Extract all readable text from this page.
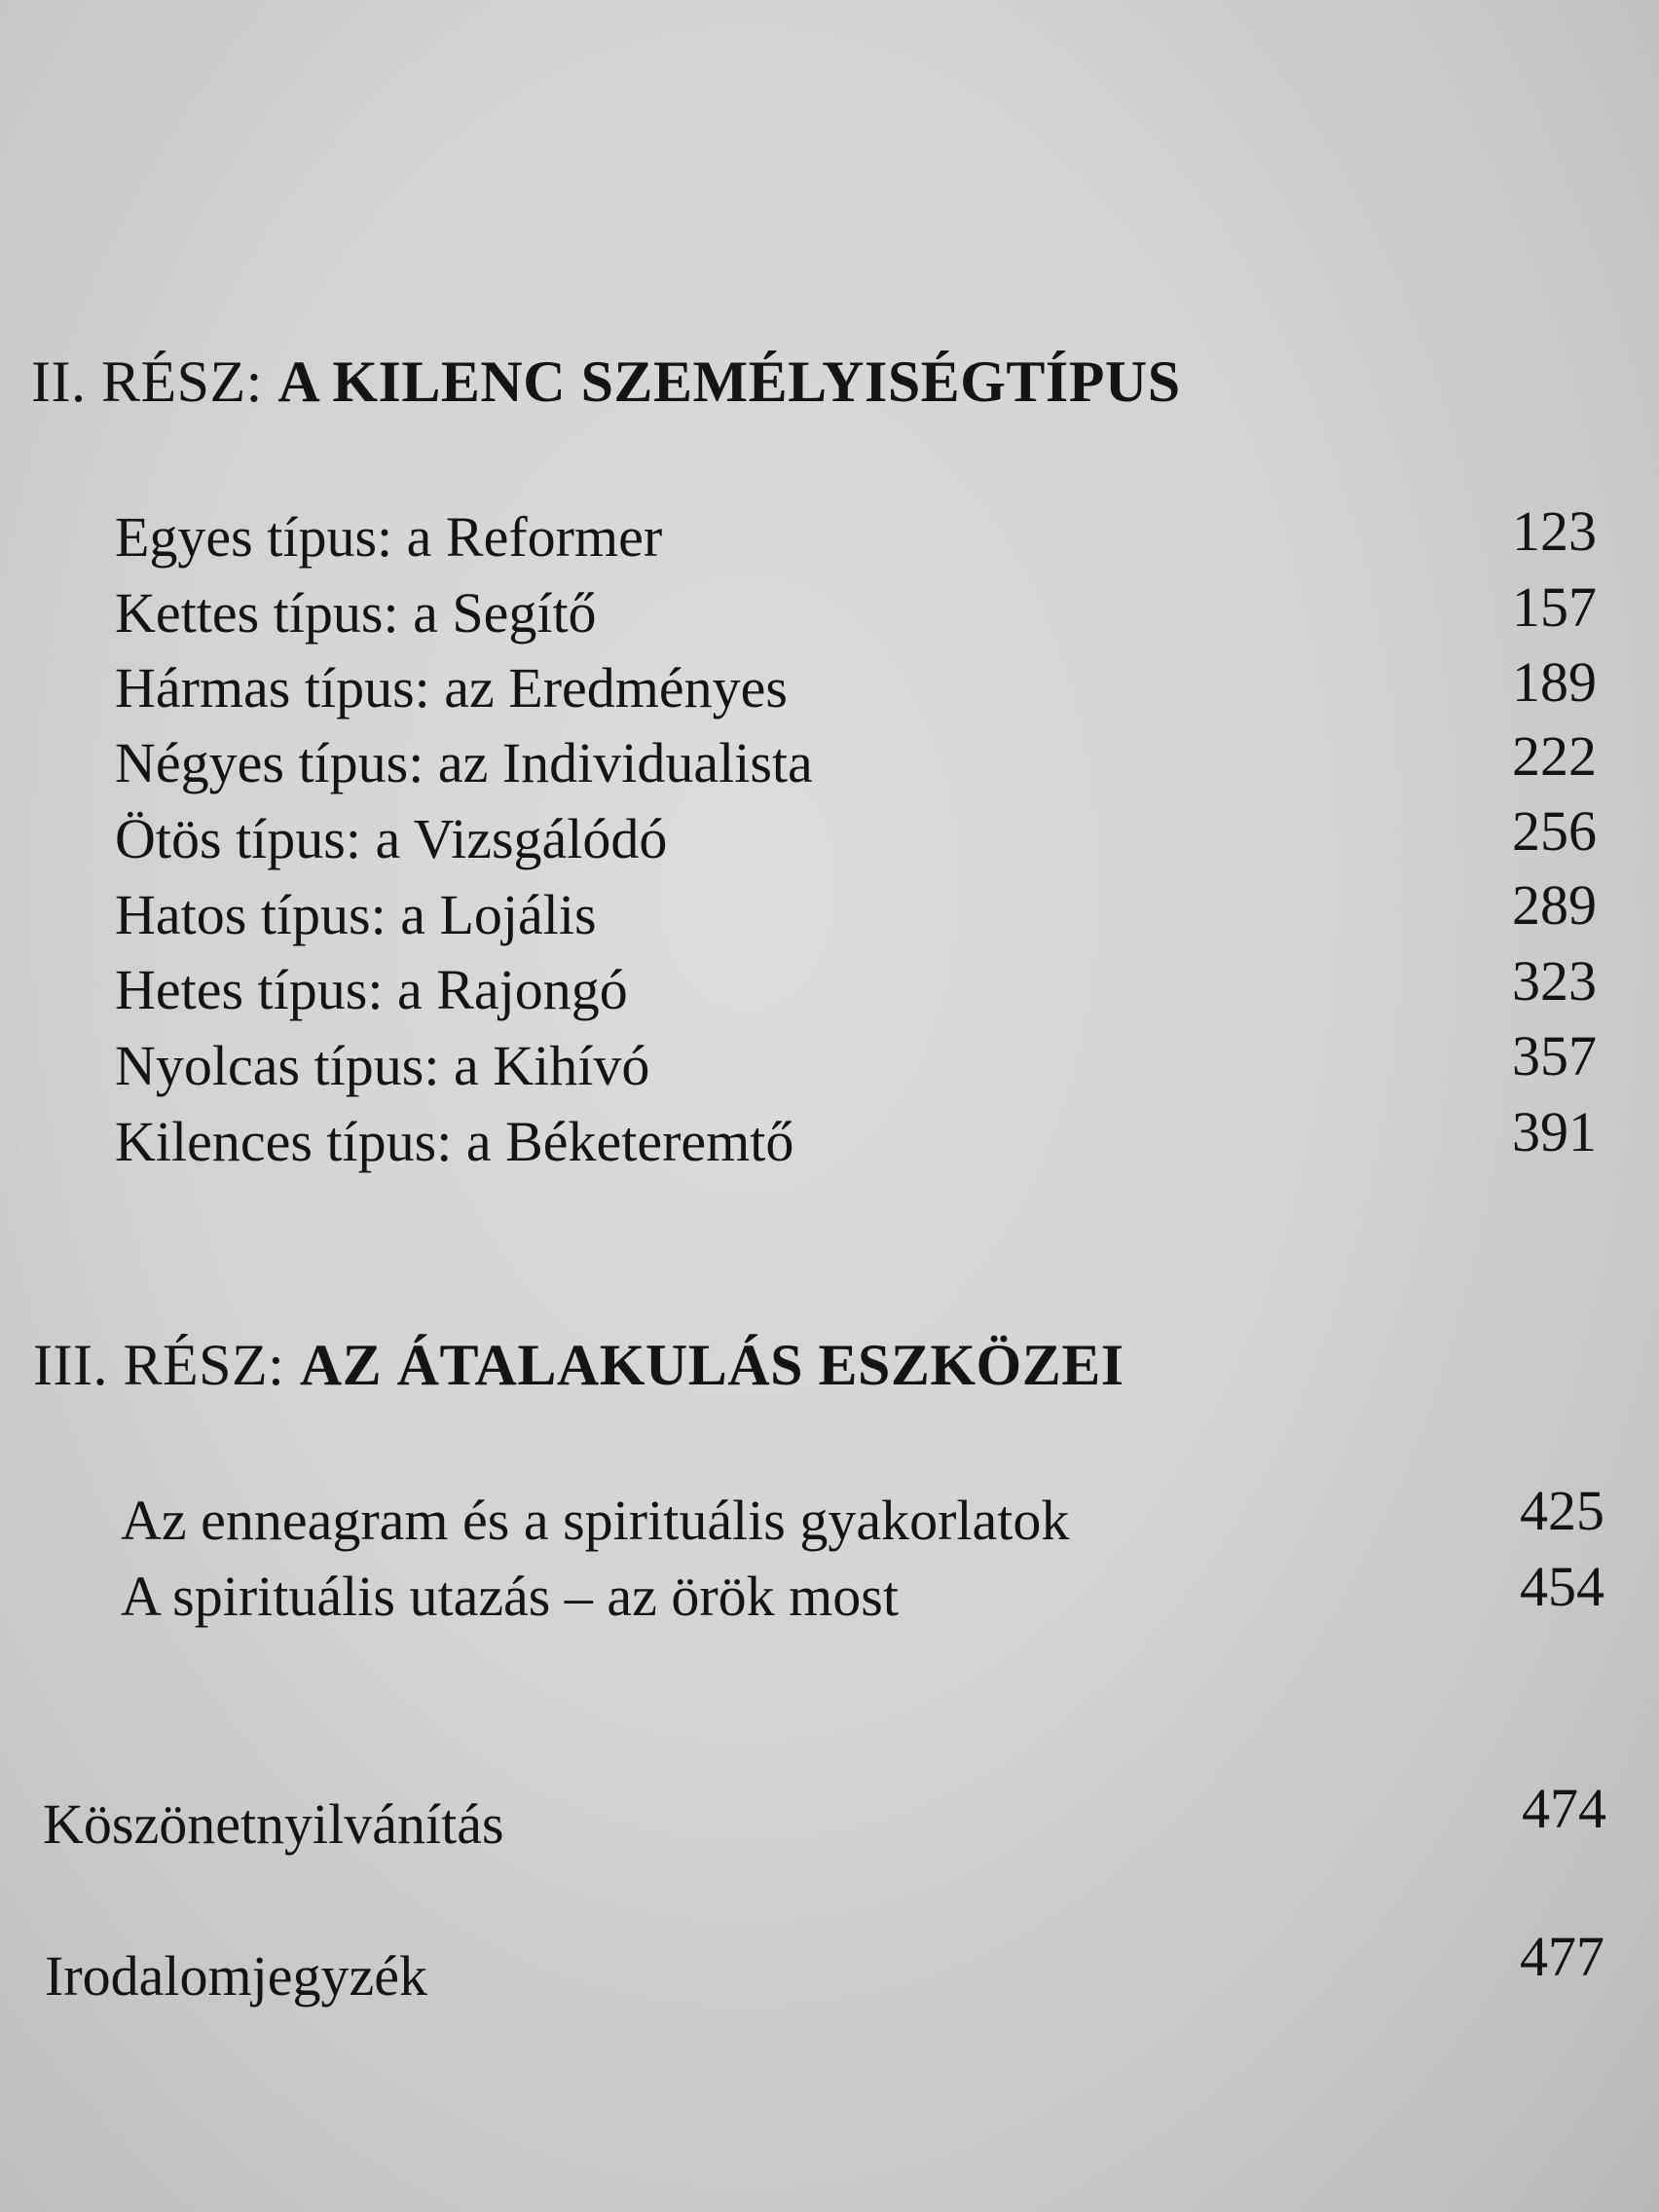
II. RÉSZ: A KILENC SZEMÉLYISÉGTÍPUS
Egyes típus: a Reformer	123
Kettes típus: a Segítő	157
Hármas típus: az Eredményes	189
Négyes típus: az Individualista	222
Ötös típus: a Vizsgálódó	256
Hatos típus: a Lojális	289
Hetes típus: a Rajongó	323
Nyolcas típus: a Kihívó	357
Kilences típus: a Béketeremtő	391
III. RÉSZ: AZ ÁTALAKULÁS ESZKÖZEI
Az enneagram és a spirituális gyakorlatok	425
A spirituális utazás – az örök most	454
Köszönetnyilvánítás	474
Irodalomjegyzék	477
